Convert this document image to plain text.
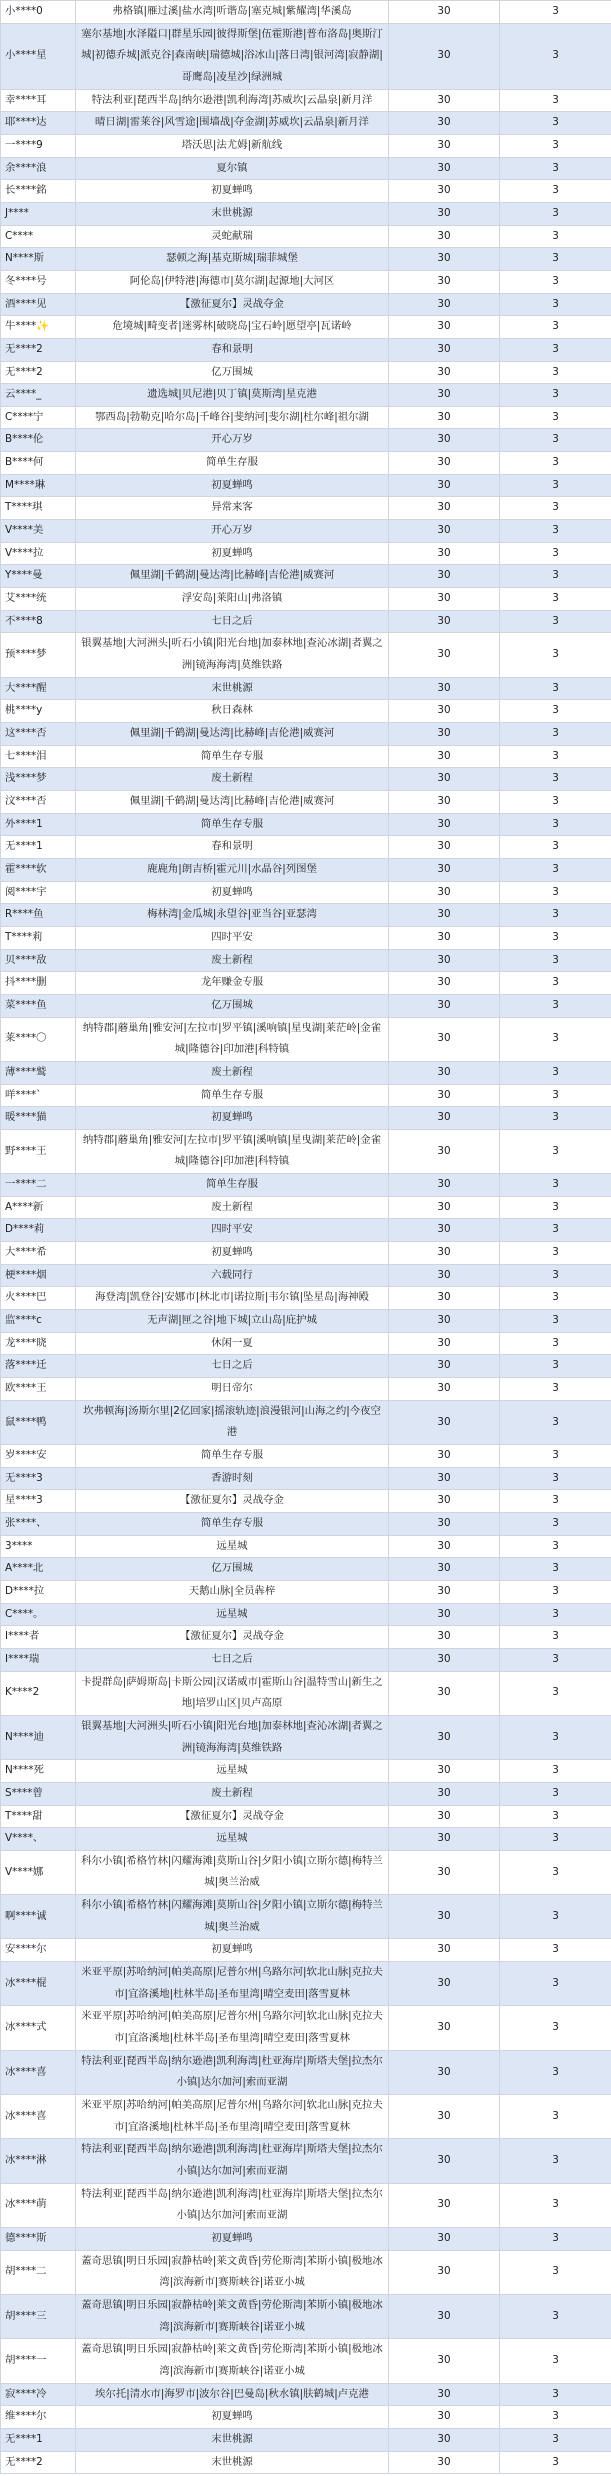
小****0	弗格镇|雁过溪|盐水湾|听谐岛|塞克城|紫耀湾|华溪岛	30	3
小****星	塞尔基地|水泽隘口|群星乐园|彼得斯堡|伍霍斯港|普布洛岛|奥斯汀城|初德乔城|派克谷|森南峡|瑞德城|浴冰山|落日湾|银河湾|寂静湖|哥鹰岛|凌星沙|绿洲城	30	3
幸****耳	特法利亚|琵西半岛|纳尔逊港|凯利海湾|苏威坎|云晶泉|新月洋	30	3
耶****达	晴日湖|雷莱谷|风雪途|围墙战|夺金湖|苏威坎|云晶泉|新月洋	30	3
一****9	塔沃思|法尤姆|新航线	30	3
余****浪	夏尔镇	30	3
长****銘	初夏蝉鸣	30	3
J****	末世桃源	30	3
C****	灵蛇献瑞	30	3
N****斯	瑟顿之海|基克斯城|瑞菲城堡	30	3
冬****号	阿伦岛|伊特港|海德市|莫尔湖|起源地|大河区	30	3
酒****见	【激征夏尔】灵战夺金	30	3
牛****✨	危境城|畸变者|迷雾林|破晓岛|宝石岭|愿望亭|瓦诺岭	30	3
无****2	春和景明	30	3
无****2	亿万围城	30	3
云****_	遗选城|贝尼港|贝丁镇|莫斯湾|星克港	30	3
C****宁	鄂西岛|勃勒克|哈尔岛|千峰谷|斐纳河|斐尔湖|杜尔峰|祖尔湖	30	3
B****伦	开心万岁	30	3
B****何	简单生存服	30	3
M****琳	初夏蝉鸣	30	3
T****琪	异常来客	30	3
V****美	开心万岁	30	3
V****拉	初夏蝉鸣	30	3
Y****曼	佩里湖|千鹤湖|曼达湾|比赫峰|吉伦港|威赛河	30	3
艾****统	浮安岛|莱阳山|弗洛镇	30	3
不****8	七日之后	30	3
预****梦	银翼基地|大河洲头|听石小镇|阳光台地|加泰林地|查沁冰湖|者翼之洲|镜海海湾|莫维铁路	30	3
大****醒	末世桃源	30	3
桃****y	秋日森林	30	3
这****否	佩里湖|千鹤湖|曼达湾|比赫峰|吉伦港|威赛河	30	3
七****泪	简单生存专服	30	3
浅****梦	废土新程	30	3
汶****否	佩里湖|千鹤湖|曼达湾|比赫峰|吉伦港|威赛河	30	3
外****1	简单生存专服	30	3
无****1	春和景明	30	3
霍****软	鹿鹿角|朗吉桥|霍元川|水晶谷|列图堡	30	3
阅****宇	初夏蝉鸣	30	3
R****鱼	梅林湾|金瓜城|永望谷|亚当谷|亚瑟湾	30	3
T****莉	四时平安	30	3
贝****敌	废土新程	30	3
抖****删	龙年赚金专服	30	3
菜****鱼	亿万围城	30	3
莱****〇	纳特郡|蘑巢角|雅安河|左拉市|罗平镇|溪响镇|星曳湖|莱茫岭|金雀城|隆德谷|印加港|科特镇	30	3
薄****鹫	废土新程	30	3
咩****`	简单生存专服	30	3
暖****猫	初夏蝉鸣	30	3
野****王	纳特郡|蘑巢角|雅安河|左拉市|罗平镇|溪响镇|星曳湖|莱茫岭|金雀城|隆德谷|印加港|科特镇	30	3
一****二	简单生存服	30	3
A****新	废土新程	30	3
D****莉	四时平安	30	3
大****希	初夏蝉鸣	30	3
梗****烟	六载同行	30	3
火****巴	海登湾|凯登谷|安娜市|林北市|诺拉斯|韦尔镇|坠星岛|海神殿	30	3
监****c	无声湖|匣之谷|地下城|立山岛|庇护城	30	3
龙****晓	休闲一夏	30	3
落****迁	七日之后	30	3
欧****王	明日帝尔	30	3
鼠****鸭	坎弗顿海|汤斯尔里|2亿回家|摇滚轨迹|浪漫银河|山海之约|今夜空港	30	3
岁****安	简单生存专服	30	3
无****3	香游时刻	30	3
星****3	【激征夏尔】灵战夺金	30	3
张****、	简单生存专服	30	3
3****	远星城	30	3
A****北	亿万围城	30	3
D****拉	天鹅山脉|全员犇梓	30	3
C****。	远星城	30	3
I****者	【激征夏尔】灵战夺金	30	3
I****瑞	七日之后	30	3
K****2	卡提群岛|萨姆斯岛|卡斯公园|汉诺威市|霍斯山谷|温特雪山|新生之地|培罗山区|贝卢高原	30	3
N****迪	银翼基地|大河洲头|听石小镇|阳光台地|加泰林地|查沁冰湖|者翼之洲|镜海海湾|莫维铁路	30	3
N****死	远星城	30	3
S****曾	废土新程	30	3
T****甜	【激征夏尔】灵战夺金	30	3
V****、	远星城	30	3
V****娜	科尔小镇|希格竹林|闪耀海滩|莫斯山谷|夕阳小镇|立斯尔德|梅特兰城|奥兰治威	30	3
啊****诚	科尔小镇|希格竹林|闪耀海滩|莫斯山谷|夕阳小镇|立斯尔德|梅特兰城|奥兰治威	30	3
安****尔	初夏蝉鸣	30	3
冰****棍	米亚平原|苏哈纳河|帕美高原|尼普尔州|乌路尔河|软北山脉|克拉夫市|宜洛溪地|杜林半岛|圣布里湾|晴空麦田|落雪夏林	30	3
冰****式	米亚平原|苏哈纳河|帕美高原|尼普尔州|乌路尔河|软北山脉|克拉夫市|宜洛溪地|杜林半岛|圣布里湾|晴空麦田|落雪夏林	30	3
冰****喜	特法利亚|琵西半岛|纳尔逊港|凯利海湾|杜亚海岸|斯塔夫堡|拉杰尔小镇|达尔加河|索而亚湖	30	3
冰****喜	米亚平原|苏哈纳河|帕美高原|尼普尔州|乌路尔河|软北山脉|克拉夫市|宜洛溪地|杜林半岛|圣布里湾|晴空麦田|落雪夏林	30	3
冰****淋	特法利亚|琵西半岛|纳尔逊港|凯利海湾|杜亚海岸|斯塔夫堡|拉杰尔小镇|达尔加河|索而亚湖	30	3
冰****萌	特法利亚|琵西半岛|纳尔逊港|凯利海湾|杜亚海岸|斯塔夫堡|拉杰尔小镇|达尔加河|索而亚湖	30	3
德****斯	初夏蝉鸣	30	3
胡****二	蓋奇思镇|明日乐园|寂静枯岭|莱文黄昏|劳伦斯湾|苯斯小镇|极地冰湾|滨海新市|赛斯峡谷|诺亚小城	30	3
胡****三	蓋奇思镇|明日乐园|寂静枯岭|莱文黄昏|劳伦斯湾|苯斯小镇|极地冰湾|滨海新市|赛斯峡谷|诺亚小城	30	3
胡****一	蓋奇思镇|明日乐园|寂静枯岭|莱文黄昏|劳伦斯湾|苯斯小镇|极地冰湾|滨海新市|赛斯峡谷|诺亚小城	30	3
寂****冷	埃尔托|清水市|海罗市|波尔谷|巴曼岛|秋水镇|肤鹤城|卢克港	30	3
维****尔	初夏蝉鸣	30	3
无****1	末世桃源	30	3
无****2	末世桃源	30	3
